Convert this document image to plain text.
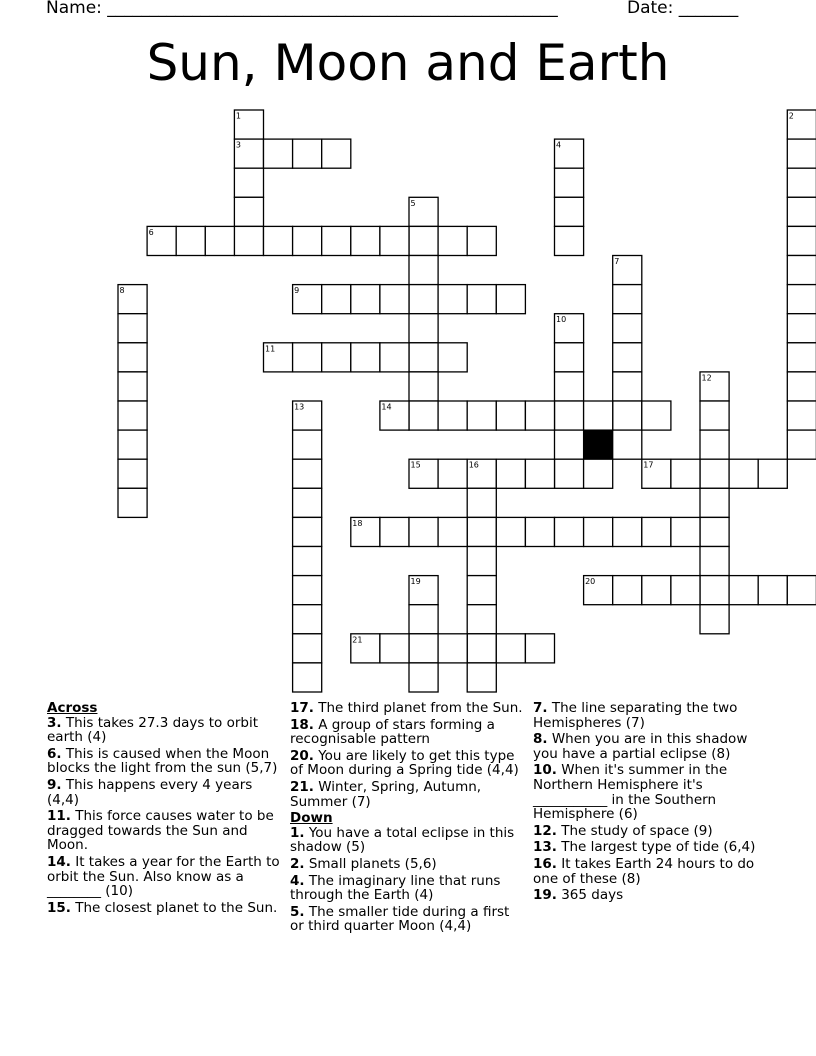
Name: _____________________________________________________	Date: _______
Sun, Moon and Earth
1	2
3	4
5
6
7
8	9
10
11
12
13	14
15	16	17
18
19	20
21
Across
3. This takes 27.3 days to orbit earth (4)
6. This is caused when the Moon blocks the light from the sun (5,7)
9. This happens every 4 years (4,4)
11. This force causes water to be dragged towards the Sun and Moon.
14. It takes a year for the Earth to orbit the Sun. Also know as a ________ (10)
15. The closest planet to the Sun.
17. The third planet from the Sun.
18. A group of stars forming a recognisable pattern
20. You are likely to get this type of Moon during a Spring tide (4,4)
21. Winter, Spring, Autumn, Summer (7)
Down
1. You have a total eclipse in this shadow (5)
2. Small planets (5,6)
4. The imaginary line that runs through the Earth (4)
5. The smaller tide during a first or third quarter Moon (4,4)
7. The line separating the two Hemispheres (7)
8. When you are in this shadow you have a partial eclipse (8)
10. When it's summer in the Northern Hemisphere it's ___________ in the Southern Hemisphere (6)
12. The study of space (9)
13. The largest type of tide (6,4)
16. It takes Earth 24 hours to do one of these (8)
19. 365 days
